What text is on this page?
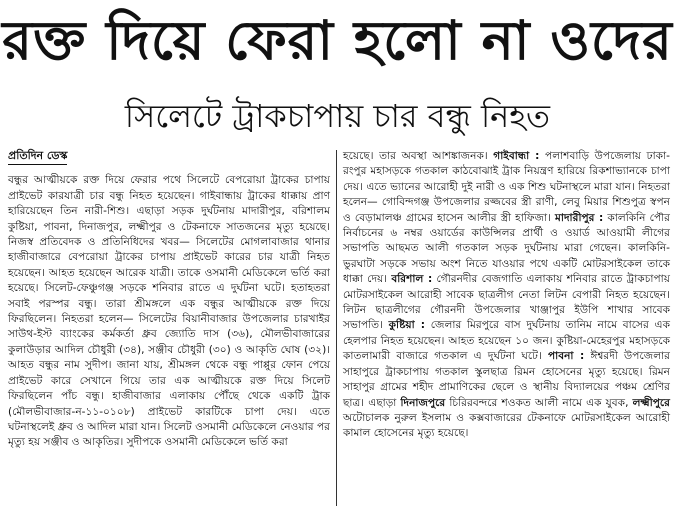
রক্ত দিয়ে ফেরা হলো না ওদের
সিলেটে ট্রাকচাপায় চার বন্ধু নিহত
প্রতিদিন ডেস্ক

বন্ধুর আত্মীয়কে রক্ত দিয়ে ফেরার পথে সিলেটে বেপরোয়া ট্রাকের চাপায় প্রাইভেট কারযাত্রী চার বন্ধু নিহত হয়েছেন। গাইবান্ধায় ট্রাকের ধাক্কায় প্রাণ হারিয়েছেন তিন নারী-শিশু। এছাড়া সড়ক দুর্ঘটনায় মাদারীপুর, বরিশালম কুষ্টিয়া, পাবনা, দিনাজপুর, লক্ষ্মীপুর ও টেকনাফে সাতজনের মৃত্যু হয়েছে। নিজস্ব প্রতিবেদক ও প্রতিনিধিদের খবর— সিলেটের মোগলাবাজার থানার হাজীবাজারে বেপরোয়া ট্রাকের চাপায় প্রাইভেট কারের চার যাত্রী নিহত হয়েছেন। আহত হয়েছেন আরেক যাত্রী। তাকে ওসমানী মেডিকেলে ভর্তি করা হয়েছে। সিলেট-ফেঞ্চুগঞ্জ সড়কে শনিবার রাতে এ দুর্ঘটনা ঘটে। হতাহতরা সবাই পরস্পর বন্ধু। তারা শ্রীমঙ্গলে এক বন্ধুর আত্মীয়কে রক্ত দিয়ে ফিরছিলেন। নিহতরা হলেন— সিলেটের বিয়ানীবাজার উপজেলার চারখাইর সাউথ-ইস্ট ব্যাংকের কর্মকর্তা ধ্রুব জ্যোতি দাস (৩৬), মৌলভীবাজারের কুলাউড়ার আদিল চৌধুরী (৩৪), সঞ্জীব চৌধুরী (৩০) ও আকৃতি ঘোষ (৩২)। আহত বন্ধুর নাম সুদীপ। জানা যায়, শ্রীমঙ্গল থেকে বন্ধু পাপ্পুর ফোন পেয়ে প্রাইভেট কারে সেখানে গিয়ে তার এক আত্মীয়কে রক্ত দিয়ে সিলেট ফিরছিলেন পাঁচ বন্ধু। হাজীবাজার এলাকায় পৌঁছে থেকে একটি ট্রাক (মৌলভীবাজার-ন-১১-০১০৮) প্রাইভেট কারটিকে চাপা দেয়। এতে ঘটনাস্থলেই ধ্রুব ও আদিল মারা যান। সিলেট ওসমানী মেডিকেলে নেওয়ার পর মৃত্যু হয় সঞ্জীব ও আকৃতির। সুদীপকে ওসমানী মেডিকেলে ভর্তি করা

হয়েছে। তার অবস্থা আশঙ্কাজনক। গাইবান্ধা : পলাশবাড়ি উপজেলায় ঢাকা-রংপুর মহাসড়কে গতকাল কাঠবোঝাই ট্রাক নিয়ন্ত্রণ হারিয়ে রিকশাভ্যানকে চাপা দেয়। এতে ভ্যানের আরোহী দুই নারী ও এক শিশু ঘটনাস্থলে মারা যান। নিহতরা হলেন— গোবিন্দগঞ্জ উপজেলার রজ্জবের স্ত্রী রাণী, লেবু মিয়ার শিশুপুত্র স্বপন ও বেড়ামালঞ্চ গ্রামের হাসেন আলীর স্ত্রী হাফিজা। মাদারীপুর : কালকিনি পৌর নির্বাচনের ৬ নম্বর ওয়ার্ডের কাউন্সিলর প্রার্থী ও ওয়ার্ড আওয়ামী লীগের সভাপতি আছমত আলী গতকাল সড়ক দুর্ঘটনায় মারা গেছেন। কালকিনি-ভুরঘাটা সড়কে সভায় অংশ নিতে যাওয়ার পথে একটি মোটরসাইকেল তাকে ধাক্কা দেয়। বরিশাল : গৌরনদীর বেজগাতি এলাকায় শনিবার রাতে ট্রাকচাপায় মোটরসাইকেল আরোহী সাবেক ছাত্রলীগ নেতা লিটন বেপারী নিহত হয়েছেন। লিটন ছাত্রলীগের গৌরনদী উপজেলার খাঞ্জাপুর ইউপি শাখার সাবেক সভাপতি। কুষ্টিয়া : জেলার মিরপুরে বাস দুর্ঘটনায় তানিম নামে বাসের এক হেলপার নিহত হয়েছেন। আহত হয়েছেন ১০ জন। কুষ্টিয়া-মেহেরপুর মহাসড়কে কাতলামারী বাজারে গতকাল এ দুর্ঘটনা ঘটে। পাবনা : ঈশ্বরদী উপজেলার সাহাপুরে ট্রাকচাপায় গতকাল স্কুলছাত্র রিমন হোসেনের মৃত্যু হয়েছে। রিমন সাহাপুর গ্রামের শহীদ প্রামাণিকের ছেলে ও স্থানীয় বিদ্যালয়ের পঞ্চম শ্রেণির ছাত্র। এছাড়া দিনাজপুরে চিরিরবন্দরে শওকত আলী নামে এক যুবক, লক্ষ্মীপুরে অটোচালক নুরুল ইসলাম ও কক্সবাজারের টেকনাফে মোটরসাইকেল আরোহী কামাল হোসেনের মৃত্যু হয়েছে।
